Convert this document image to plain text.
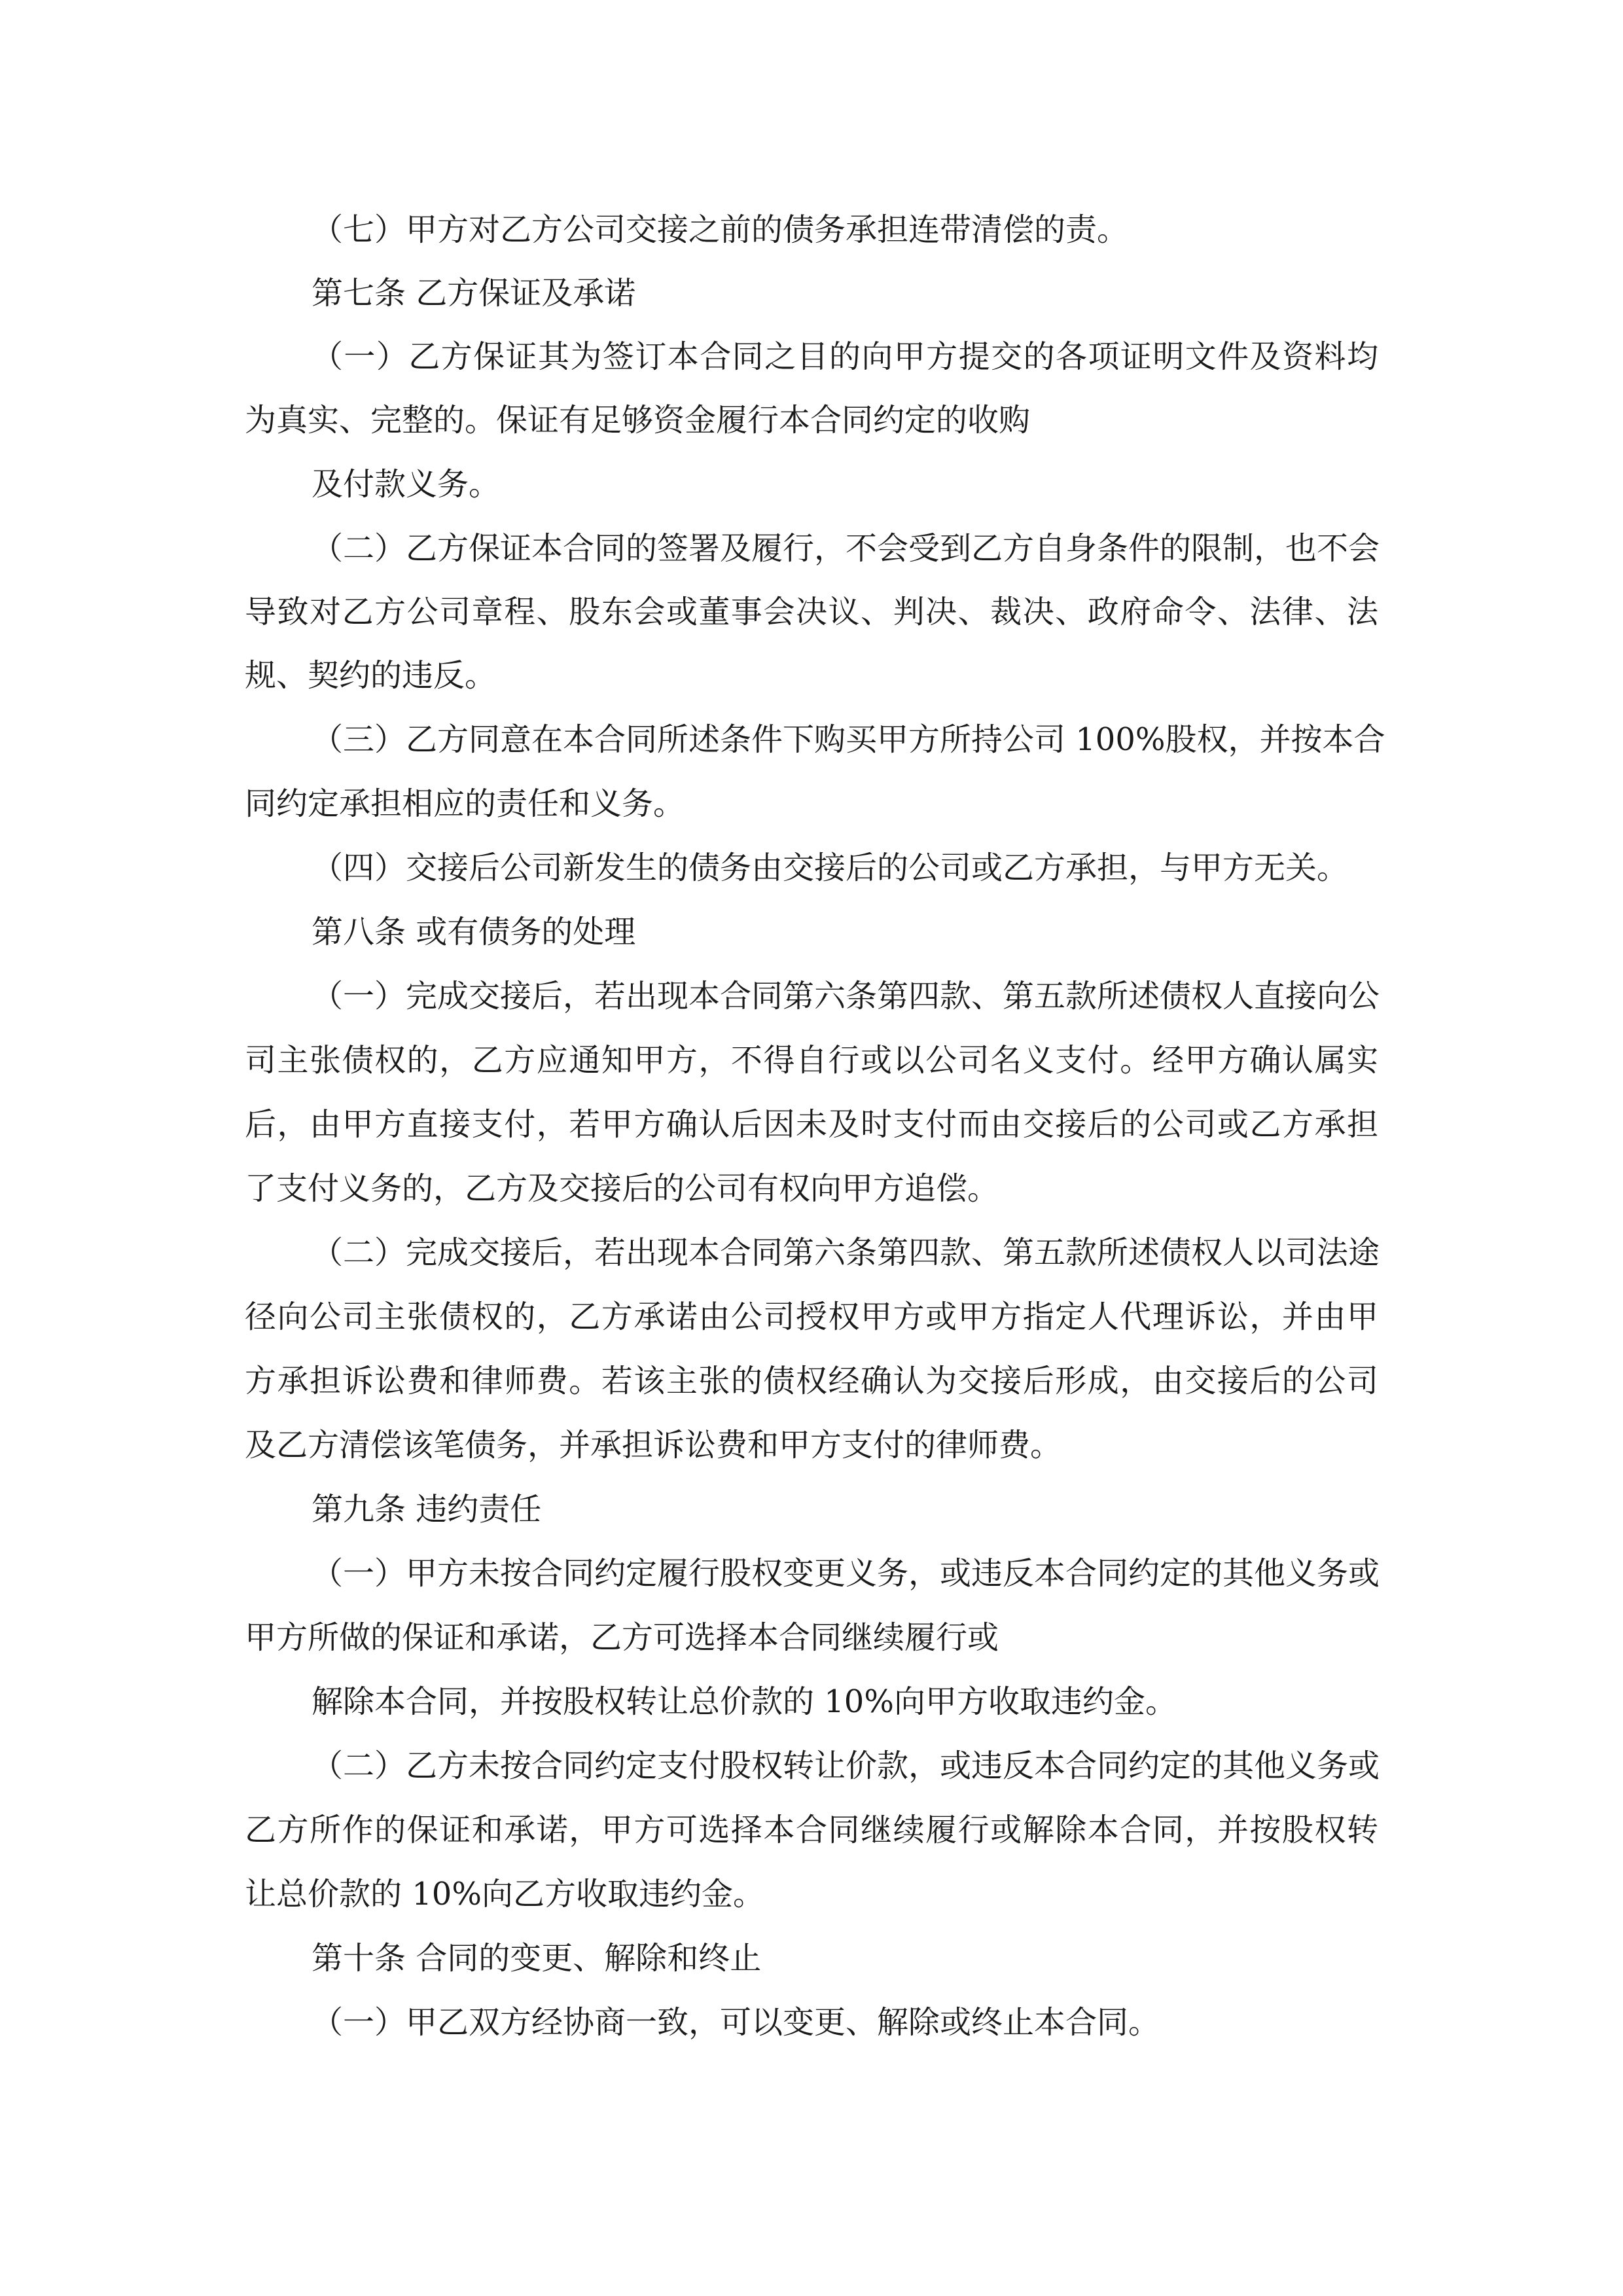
（七）甲方对乙方公司交接之前的债务承担连带清偿的责。

第七条 乙方保证及承诺

（一）乙方保证其为签订本合同之目的向甲方提交的各项证明文件及资料均

为真实、完整的。保证有足够资金履行本合同约定的收购

及付款义务。

（二）乙方保证本合同的签署及履行，不会受到乙方自身条件的限制，也不会

导致对乙方公司章程、股东会或董事会决议、判决、裁决、政府命令、法律、法

规、契约的违反。

（三）乙方同意在本合同所述条件下购买甲方所持公司 100%股权，并按本合

同约定承担相应的责任和义务。

（四）交接后公司新发生的债务由交接后的公司或乙方承担，与甲方无关。

第八条 或有债务的处理

（一）完成交接后，若出现本合同第六条第四款、第五款所述债权人直接向公

司主张债权的，乙方应通知甲方，不得自行或以公司名义支付。经甲方确认属实

后，由甲方直接支付，若甲方确认后因未及时支付而由交接后的公司或乙方承担

了支付义务的，乙方及交接后的公司有权向甲方追偿。

（二）完成交接后，若出现本合同第六条第四款、第五款所述债权人以司法途

径向公司主张债权的，乙方承诺由公司授权甲方或甲方指定人代理诉讼，并由甲

方承担诉讼费和律师费。若该主张的债权经确认为交接后形成，由交接后的公司

及乙方清偿该笔债务，并承担诉讼费和甲方支付的律师费。

第九条 违约责任

（一）甲方未按合同约定履行股权变更义务，或违反本合同约定的其他义务或

甲方所做的保证和承诺，乙方可选择本合同继续履行或

解除本合同，并按股权转让总价款的 10%向甲方收取违约金。

（二）乙方未按合同约定支付股权转让价款，或违反本合同约定的其他义务或

乙方所作的保证和承诺，甲方可选择本合同继续履行或解除本合同，并按股权转

让总价款的 10%向乙方收取违约金。

第十条 合同的变更、解除和终止

（一）甲乙双方经协商一致，可以变更、解除或终止本合同。
